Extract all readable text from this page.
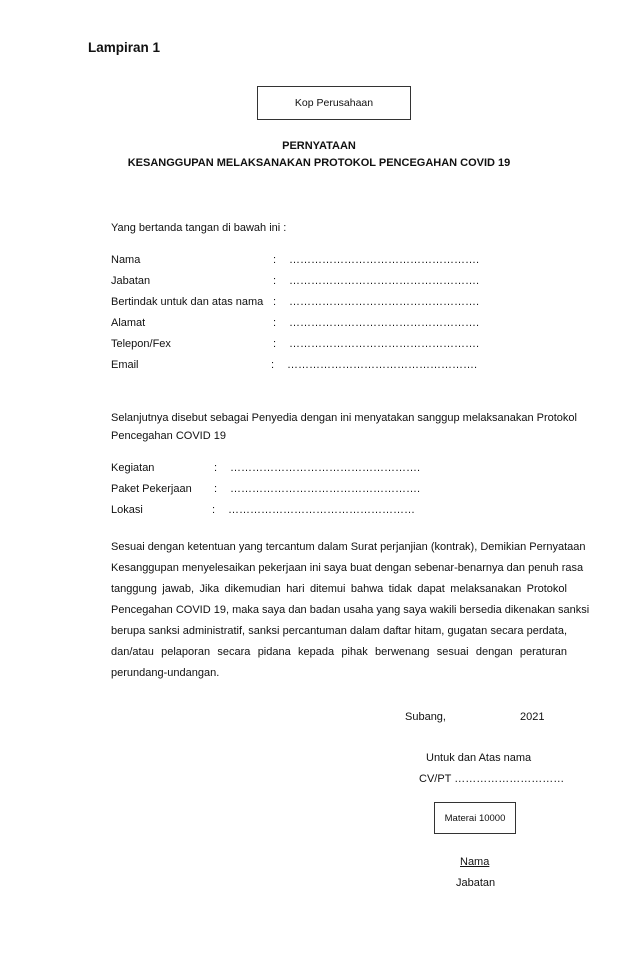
Lampiran 1
Kop Perusahaan
PERNYATAAN
KESANGGUPAN MELAKSANAKAN PROTOKOL PENCEGAHAN COVID 19
Yang bertanda tangan di bawah ini :
Nama	: …………………………………………….
Jabatan	: …………………………………………….
Bertindak untuk dan atas nama : …………………………………………….
Alamat	: …………………………………………….
Telepon/Fex	: …………………………………………….
Email	: …………………………………………….
Selanjutnya disebut sebagai Penyedia dengan ini menyatakan sanggup melaksanakan Protokol
Pencegahan COVID 19
Kegiatan	: …………………………………………….
Paket Pekerjaan : …………………………………………….
Lokasi	: ……………………………………………
Sesuai dengan ketentuan yang tercantum dalam Surat perjanjian (kontrak), Demikian Pernyataan
Kesanggupan menyelesaikan pekerjaan ini saya buat dengan sebenar-benarnya dan penuh rasa
tanggung jawab, Jika dikemudian hari ditemui bahwa tidak dapat melaksanakan Protokol
Pencegahan COVID 19, maka saya dan badan usaha yang saya wakili bersedia dikenakan sanksi
berupa sanksi administratif, sanksi percantuman dalam daftar hitam, gugatan secara perdata,
dan/atau pelaporan secara pidana kepada pihak berwenang sesuai dengan peraturan
perundang-undangan.
Subang,	2021
Untuk dan Atas nama
CV/PT …………………………
Materai 10000
Nama
Jabatan
